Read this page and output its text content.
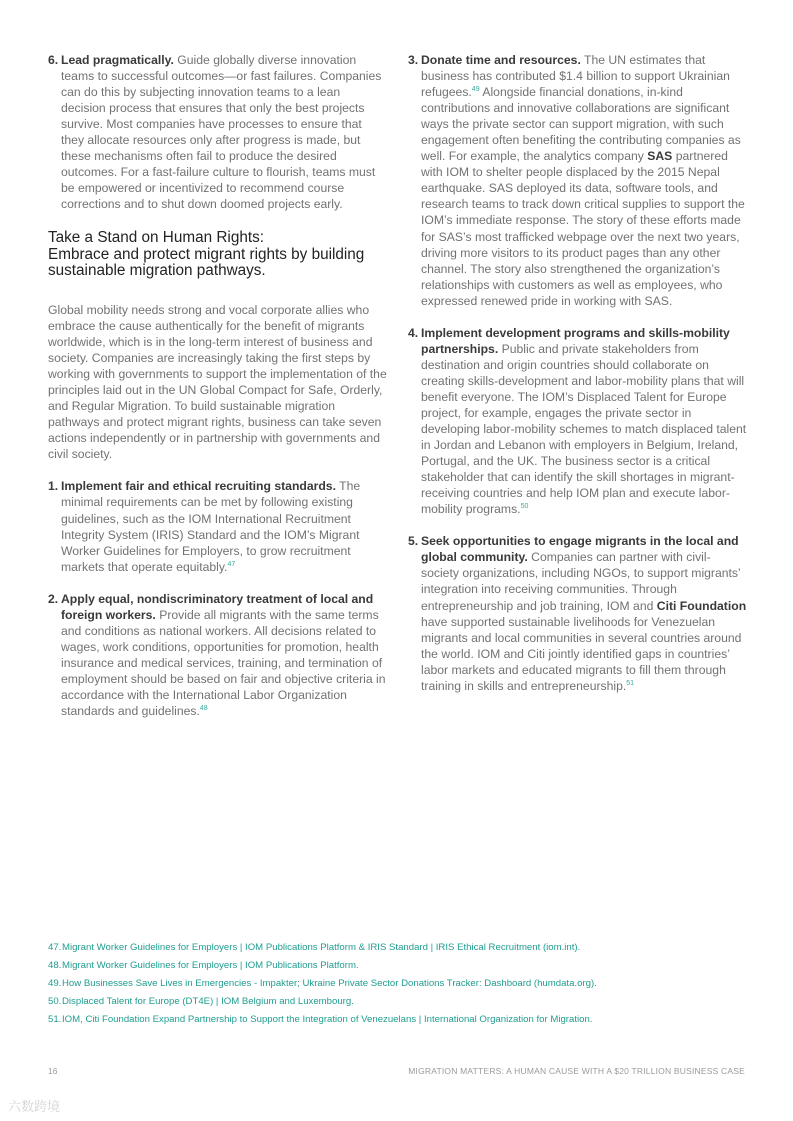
6. Lead pragmatically. Guide globally diverse innovation teams to successful outcomes—or fast failures. Companies can do this by subjecting innovation teams to a lean decision process that ensures that only the best projects survive. Most companies have processes to ensure that they allocate resources only after progress is made, but these mechanisms often fail to produce the desired outcomes. For a fast-failure culture to flourish, teams must be empowered or incentivized to recommend course corrections and to shut down doomed projects early.
Take a Stand on Human Rights:
Embrace and protect migrant rights by building sustainable migration pathways.

Global mobility needs strong and vocal corporate allies who embrace the cause authentically for the benefit of migrants worldwide, which is in the long-term interest of business and society. Companies are increasingly taking the first steps by working with governments to support the implementation of the principles laid out in the UN Global Compact for Safe, Orderly, and Regular Migration. To build sustainable migration pathways and protect migrant rights, business can take seven actions independently or in partnership with governments and civil society.

1. Implement fair and ethical recruiting standards. The minimal requirements can be met by following existing guidelines, such as the IOM International Recruitment Integrity System (IRIS) Standard and the IOM’s Migrant Worker Guidelines for Employers, to grow recruitment markets that operate equitably.$^{47}$
2. Apply equal, nondiscriminatory treatment of local and foreign workers. Provide all migrants with the same terms and conditions as national workers. All decisions related to wages, work conditions, opportunities for promotion, health insurance and medical services, training, and termination of employment should be based on fair and objective criteria in accordance with the International Labor Organization standards and guidelines.$^{48}$
3. Donate time and resources. The UN estimates that business has contributed $1.4 billion to support Ukrainian refugees.$^{49}$ Alongside financial donations, in-kind contributions and innovative collaborations are significant ways the private sector can support migration, with such engagement often benefiting the contributing companies as well. For example, the analytics company SAS partnered with IOM to shelter people displaced by the 2015 Nepal earthquake. SAS deployed its data, software tools, and research teams to track down critical supplies to support the IOM’s immediate response. The story of these efforts made for SAS’s most trafficked webpage over the next two years, driving more visitors to its product pages than any other channel. The story also strengthened the organization’s relationships with customers as well as employees, who expressed renewed pride in working with SAS.
4. Implement development programs and skills-mobility partnerships. Public and private stakeholders from destination and origin countries should collaborate on creating skills-development and labor-mobility plans that will benefit everyone. The IOM’s Displaced Talent for Europe project, for example, engages the private sector in developing labor-mobility schemes to match displaced talent in Jordan and Lebanon with employers in Belgium, Ireland, Portugal, and the UK. The business sector is a critical stakeholder that can identify the skill shortages in migrant-receiving countries and help IOM plan and execute labor-mobility programs.$^{50}$
5. Seek opportunities to engage migrants in the local and global community. Companies can partner with civil-society organizations, including NGOs, to support migrants’ integration into receiving communities. Through entrepreneurship and job training, IOM and Citi Foundation have supported sustainable livelihoods for Venezuelan migrants and local communities in several countries around the world. IOM and Citi jointly identified gaps in countries’ labor markets and educated migrants to fill them through training in skills and entrepreneurship.$^{51}$
47. Migrant Worker Guidelines for Employers | IOM Publications Platform & IRIS Standard | IRIS Ethical Recruitment (iom.int).
48. Migrant Worker Guidelines for Employers | IOM Publications Platform.
49. How Businesses Save Lives in Emergencies - Impakter; Ukraine Private Sector Donations Tracker: Dashboard (humdata.org).
50. Displaced Talent for Europe (DT4E) | IOM Belgium and Luxembourg.
51. IOM, Citi Foundation Expand Partnership to Support the Integration of Venezuelans | International Organization for Migration.
16	MIGRATION MATTERS: A HUMAN CAUSE WITH A $20 TRILLION BUSINESS CASE
六数跨境
